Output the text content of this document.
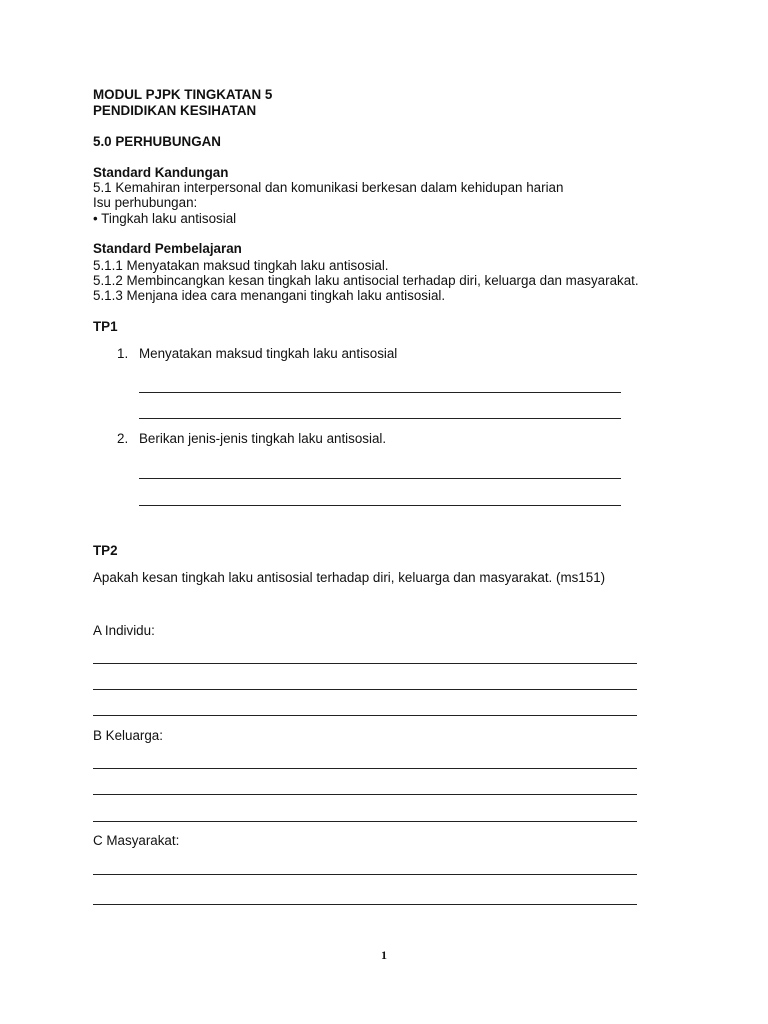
MODUL PJPK TINGKATAN 5
PENDIDIKAN KESIHATAN
5.0 PERHUBUNGAN
Standard Kandungan
5.1 Kemahiran interpersonal dan komunikasi berkesan dalam kehidupan harian
Isu perhubungan:
• Tingkah laku antisosial
Standard Pembelajaran
5.1.1 Menyatakan maksud tingkah laku antisosial.
5.1.2 Membincangkan kesan tingkah laku antisocial terhadap diri, keluarga dan masyarakat.
5.1.3 Menjana idea cara menangani tingkah laku antisosial.
TP1
1. Menyatakan maksud tingkah laku antisosial
2. Berikan jenis-jenis tingkah laku antisosial.
TP2
Apakah kesan tingkah laku antisosial terhadap diri, keluarga dan masyarakat. (ms151)
A Individu:
B Keluarga:
C Masyarakat:
1
